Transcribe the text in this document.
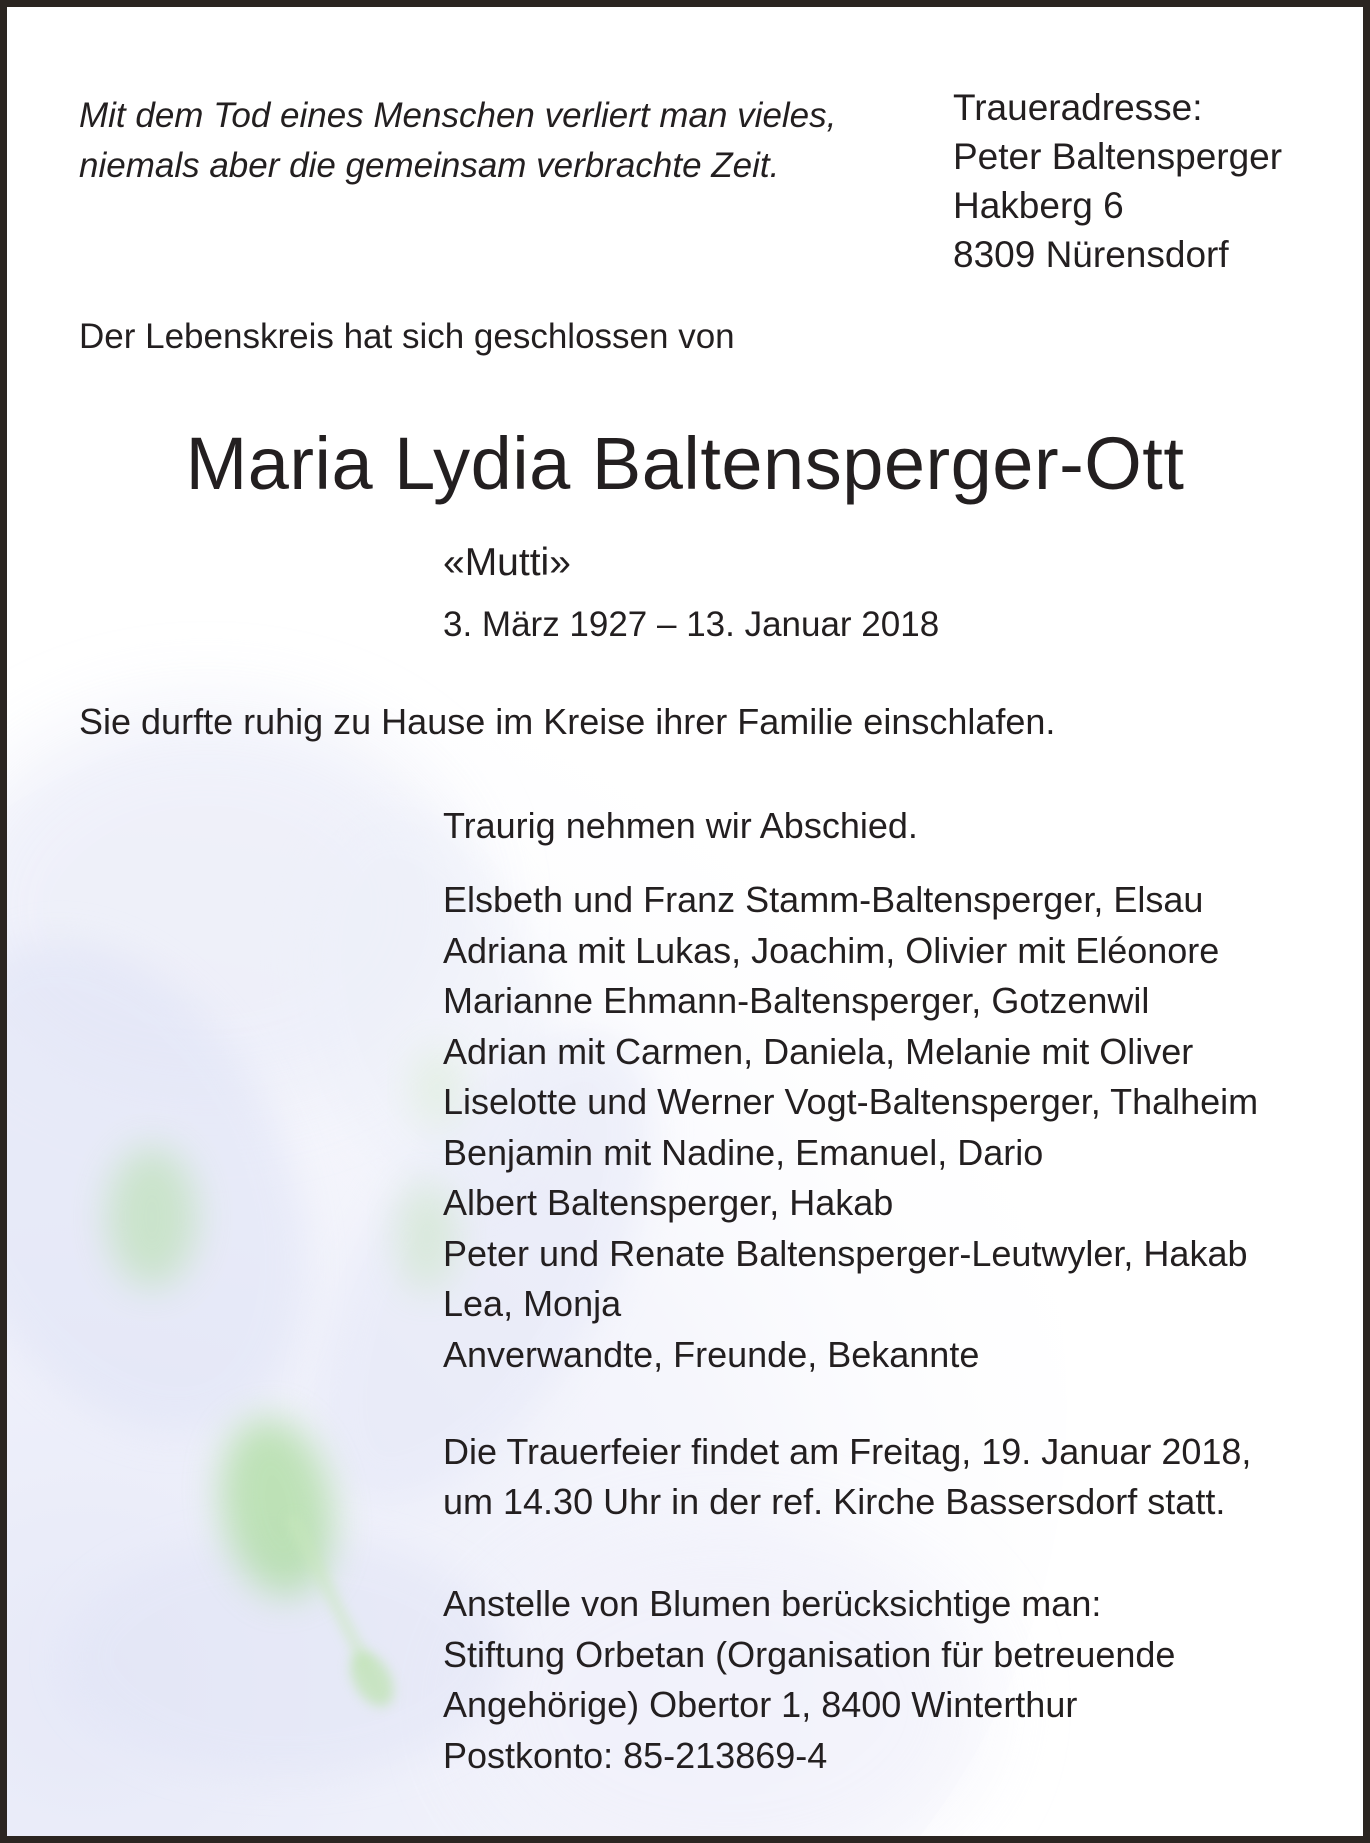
Mit dem Tod eines Menschen verliert man vieles,
niemals aber die gemeinsam verbrachte Zeit.
Traueradresse:
Peter Baltensperger
Hakberg 6
8309 Nürensdorf
Der Lebenskreis hat sich geschlossen von
Maria Lydia Baltensperger-Ott
«Mutti»
3. März 1927 – 13. Januar 2018
Sie durfte ruhig zu Hause im Kreise ihrer Familie einschlafen.
Traurig nehmen wir Abschied.
Elsbeth und Franz Stamm-Baltensperger, Elsau
Adriana mit Lukas, Joachim, Olivier mit Eléonore
Marianne Ehmann-Baltensperger, Gotzenwil
Adrian mit Carmen, Daniela, Melanie mit Oliver
Liselotte und Werner Vogt-Baltensperger, Thalheim
Benjamin mit Nadine, Emanuel, Dario
Albert Baltensperger, Hakab
Peter und Renate Baltensperger-Leutwyler, Hakab
Lea, Monja
Anverwandte, Freunde, Bekannte
Die Trauerfeier findet am Freitag, 19. Januar 2018,
um 14.30 Uhr in der ref. Kirche Bassersdorf statt.
Anstelle von Blumen berücksichtige man:
Stiftung Orbetan (Organisation für betreuende
Angehörige) Obertor 1, 8400 Winterthur
Postkonto: 85-213869-4
